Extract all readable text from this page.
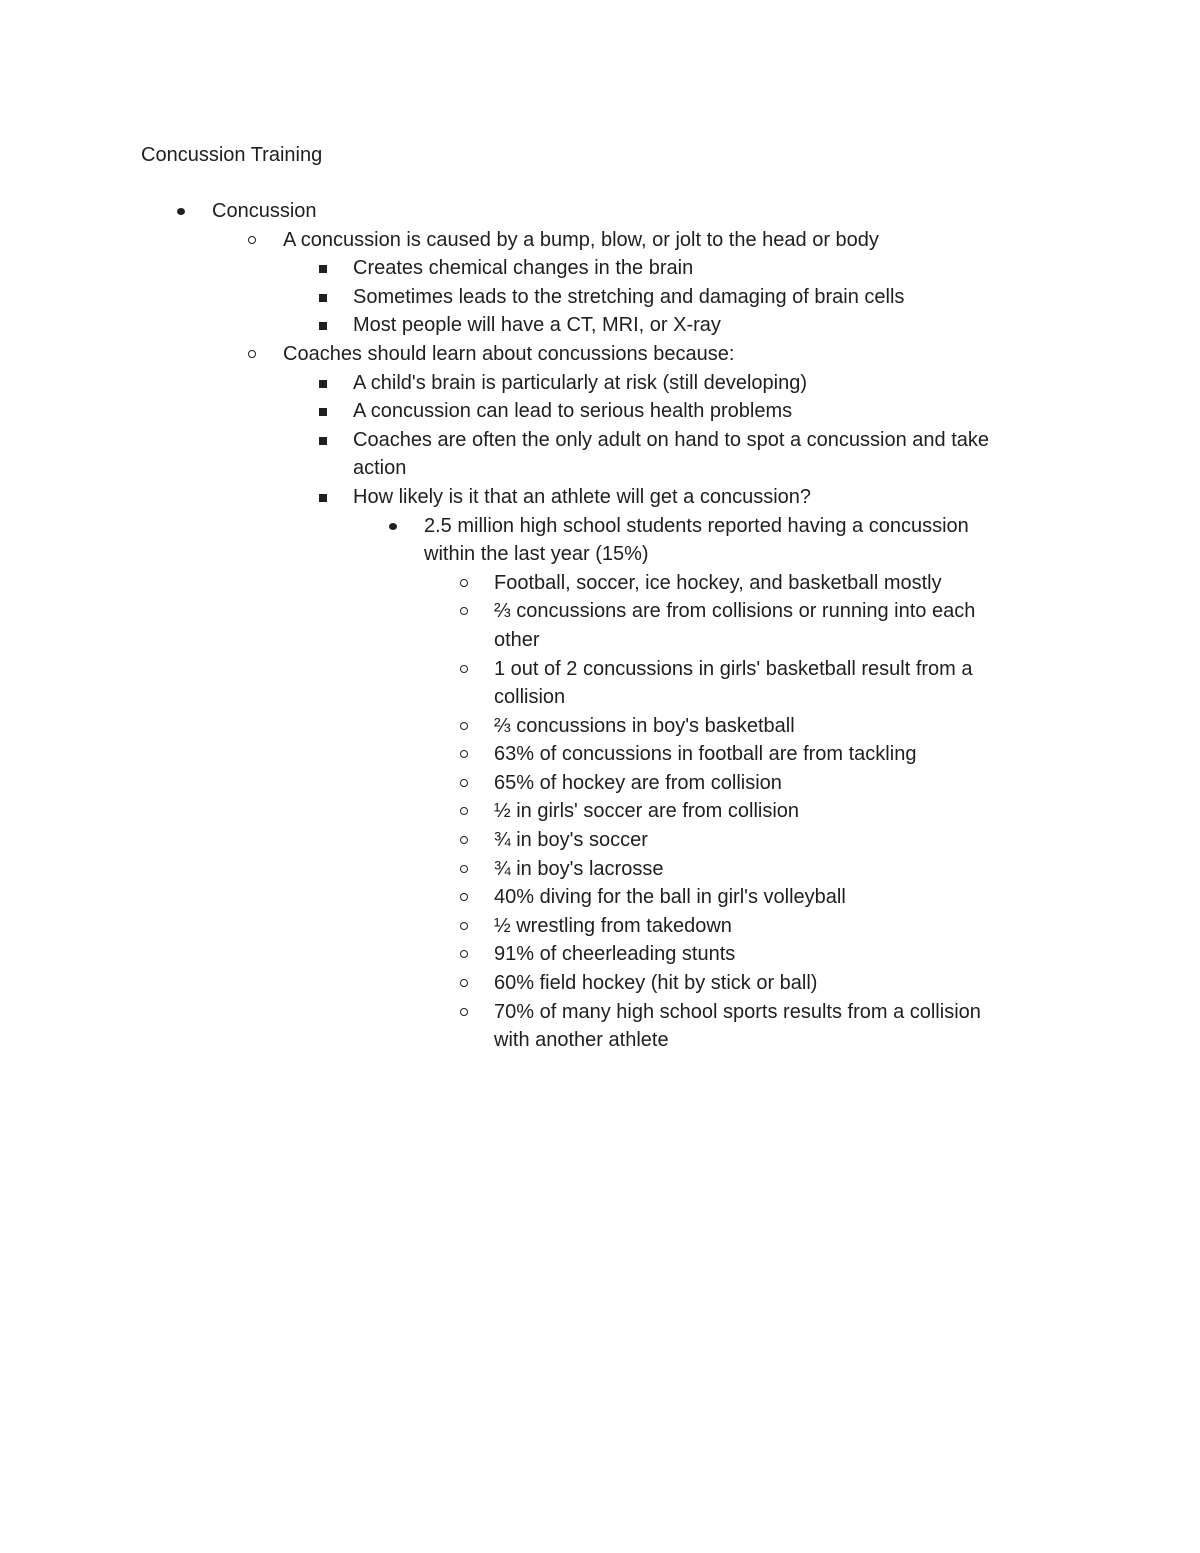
Concussion Training
Concussion
A concussion is caused by a bump, blow, or jolt to the head or body
Creates chemical changes in the brain
Sometimes leads to the stretching and damaging of brain cells
Most people will have a CT, MRI, or X-ray
Coaches should learn about concussions because:
A child's brain is particularly at risk (still developing)
A concussion can lead to serious health problems
Coaches are often the only adult on hand to spot a concussion and take
action
How likely is it that an athlete will get a concussion?
2.5 million high school students reported having a concussion
within the last year (15%)
Football, soccer, ice hockey, and basketball mostly
⅔ concussions are from collisions or running into each
other
1 out of 2 concussions in girls' basketball result from a
collision
⅔ concussions in boy's basketball
63% of concussions in football are from tackling
65% of hockey are from collision
½ in girls' soccer are from collision
¾ in boy's soccer
¾ in boy's lacrosse
40% diving for the ball in girl's volleyball
½ wrestling from takedown
91% of cheerleading stunts
60% field hockey (hit by stick or ball)
70% of many high school sports results from a collision
with another athlete
